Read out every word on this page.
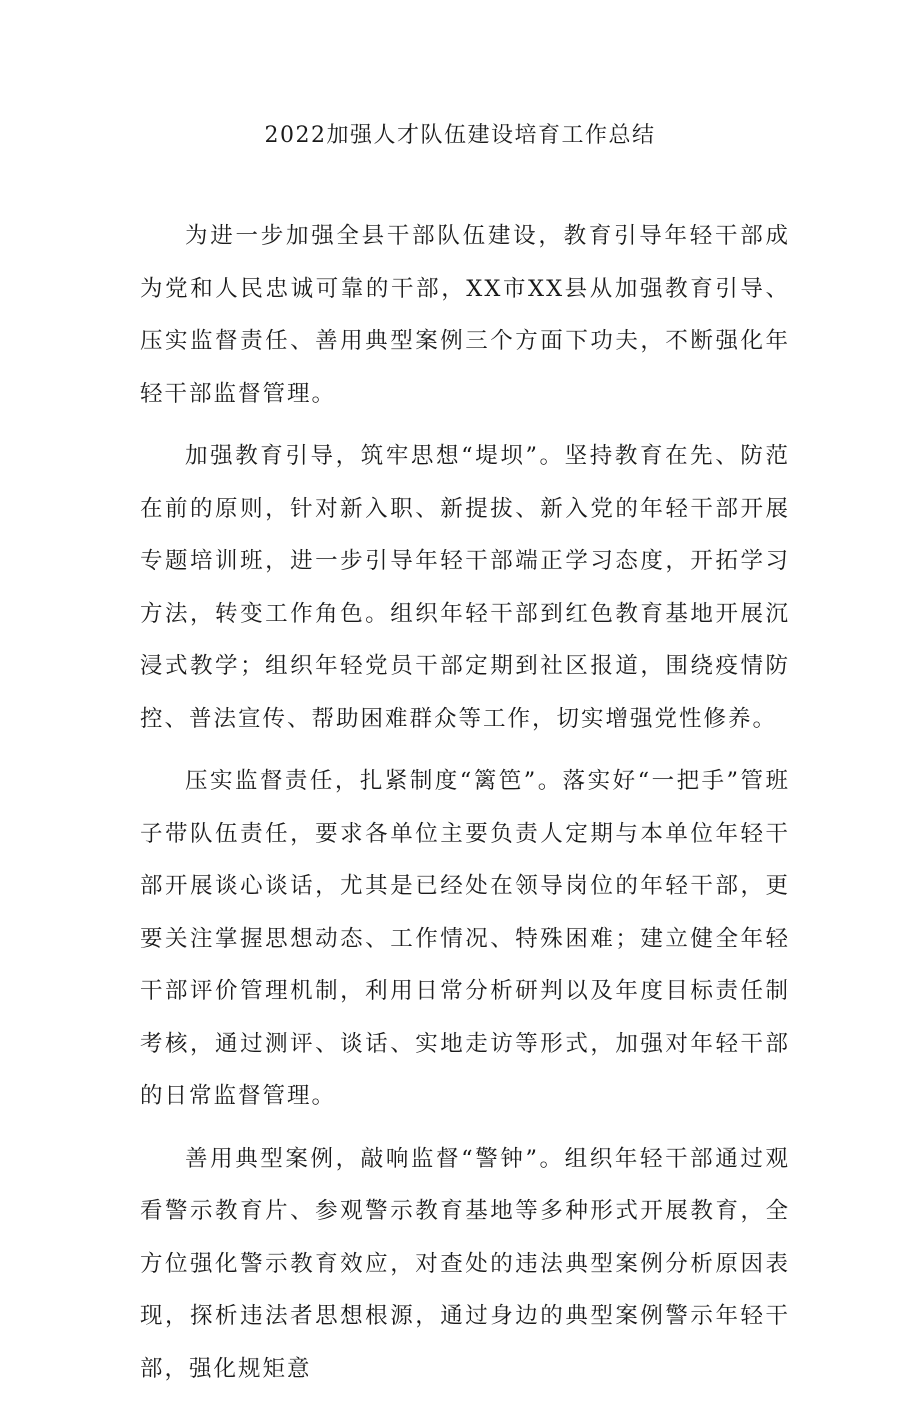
2022加强人才队伍建设培育工作总结

为进一步加强全县干部队伍建设，教育引导年轻干部成为党和人民忠诚可靠的干部，XX市XX县从加强教育引导、压实监督责任、善用典型案例三个方面下功夫，不断强化年轻干部监督管理。

加强教育引导，筑牢思想“堤坝”。坚持教育在先、防范在前的原则，针对新入职、新提拔、新入党的年轻干部开展专题培训班，进一步引导年轻干部端正学习态度，开拓学习方法，转变工作角色。组织年轻干部到红色教育基地开展沉浸式教学；组织年轻党员干部定期到社区报道，围绕疫情防控、普法宣传、帮助困难群众等工作，切实增强党性修养。

压实监督责任，扎紧制度“篱笆”。落实好“一把手”管班子带队伍责任，要求各单位主要负责人定期与本单位年轻干部开展谈心谈话，尤其是已经处在领导岗位的年轻干部，更要关注掌握思想动态、工作情况、特殊困难；建立健全年轻干部评价管理机制，利用日常分析研判以及年度目标责任制考核，通过测评、谈话、实地走访等形式，加强对年轻干部的日常监督管理。

善用典型案例，敲响监督“警钟”。组织年轻干部通过观看警示教育片、参观警示教育基地等多种形式开展教育，全方位强化警示教育效应，对查处的违法典型案例分析原因表现，探析违法者思想根源，通过身边的典型案例警示年轻干部，强化规矩意
